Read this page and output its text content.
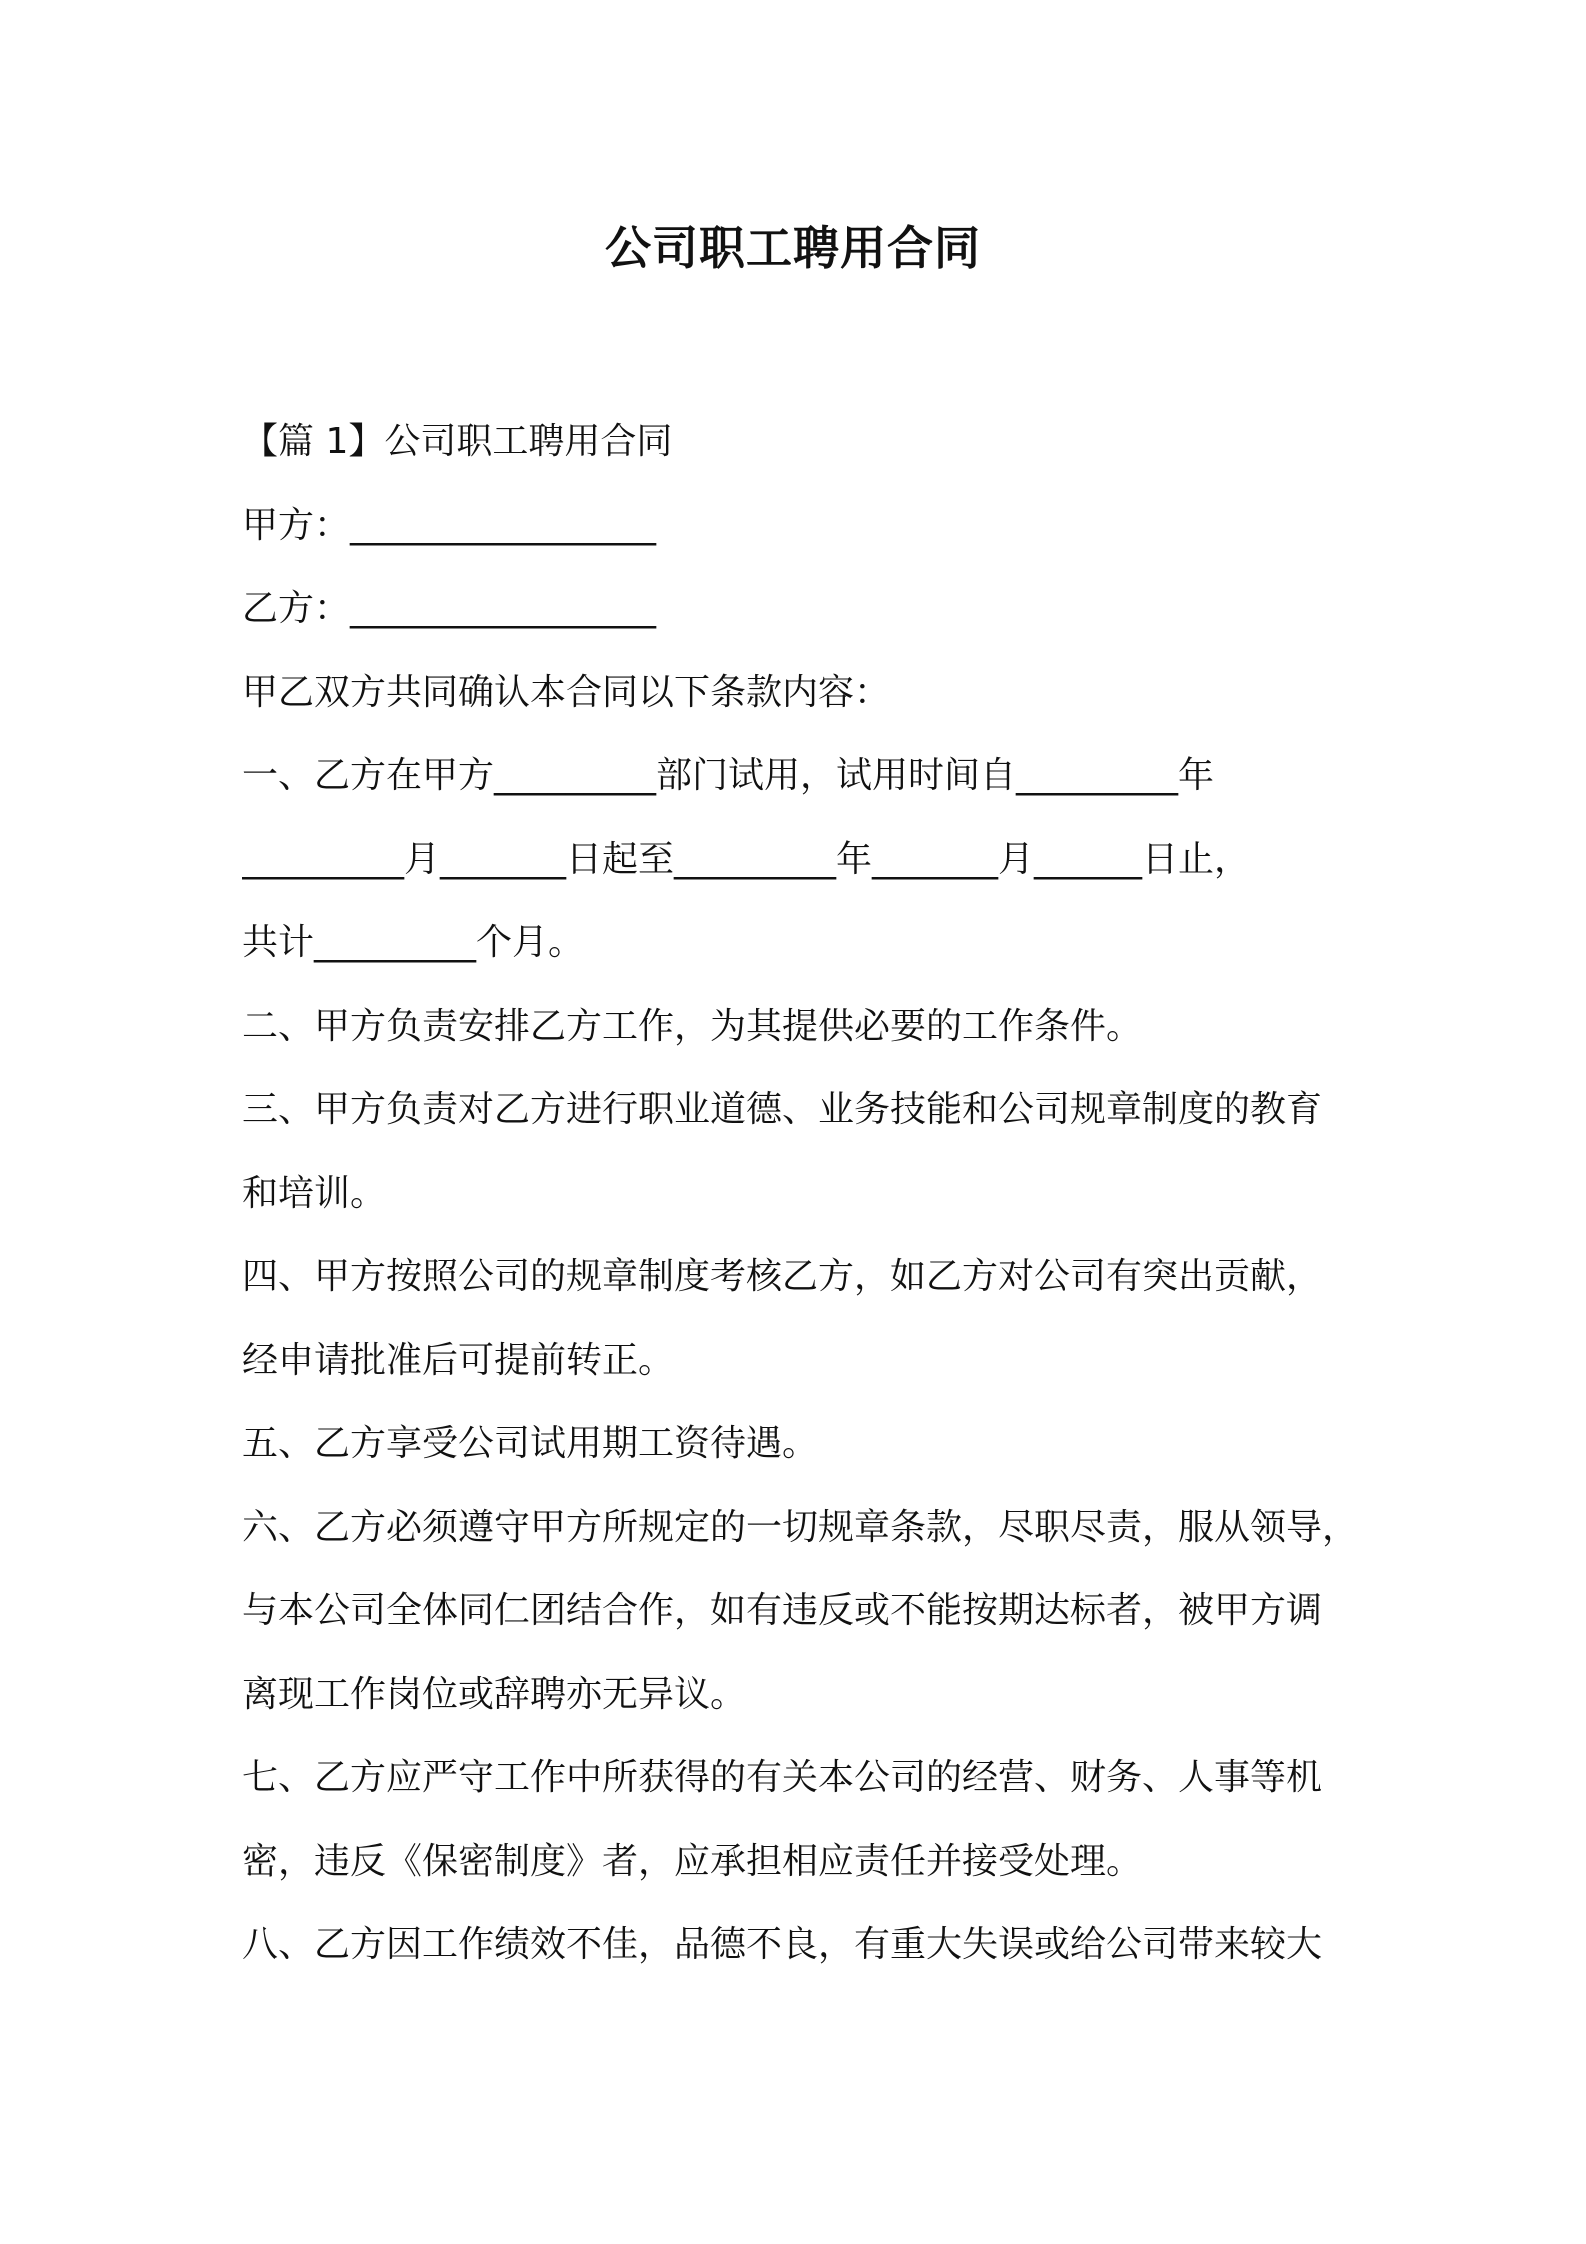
公司职工聘用合同
【篇 1】公司职工聘用合同
甲方：_________________
乙方：_________________
甲乙双方共同确认本合同以下条款内容：
一、乙方在甲方_________部门试用，试用时间自_________年
_________月_______日起至_________年_______月______日止，
共计_________个月。
二、甲方负责安排乙方工作，为其提供必要的工作条件。
三、甲方负责对乙方进行职业道德、业务技能和公司规章制度的教育
和培训。
四、甲方按照公司的规章制度考核乙方，如乙方对公司有突出贡献，
经申请批准后可提前转正。
五、乙方享受公司试用期工资待遇。
六、乙方必须遵守甲方所规定的一切规章条款，尽职尽责，服从领导，
与本公司全体同仁团结合作，如有违反或不能按期达标者，被甲方调
离现工作岗位或辞聘亦无异议。
七、乙方应严守工作中所获得的有关本公司的经营、财务、人事等机
密，违反《保密制度》者，应承担相应责任并接受处理。
八、乙方因工作绩效不佳，品德不良，有重大失误或给公司带来较大
